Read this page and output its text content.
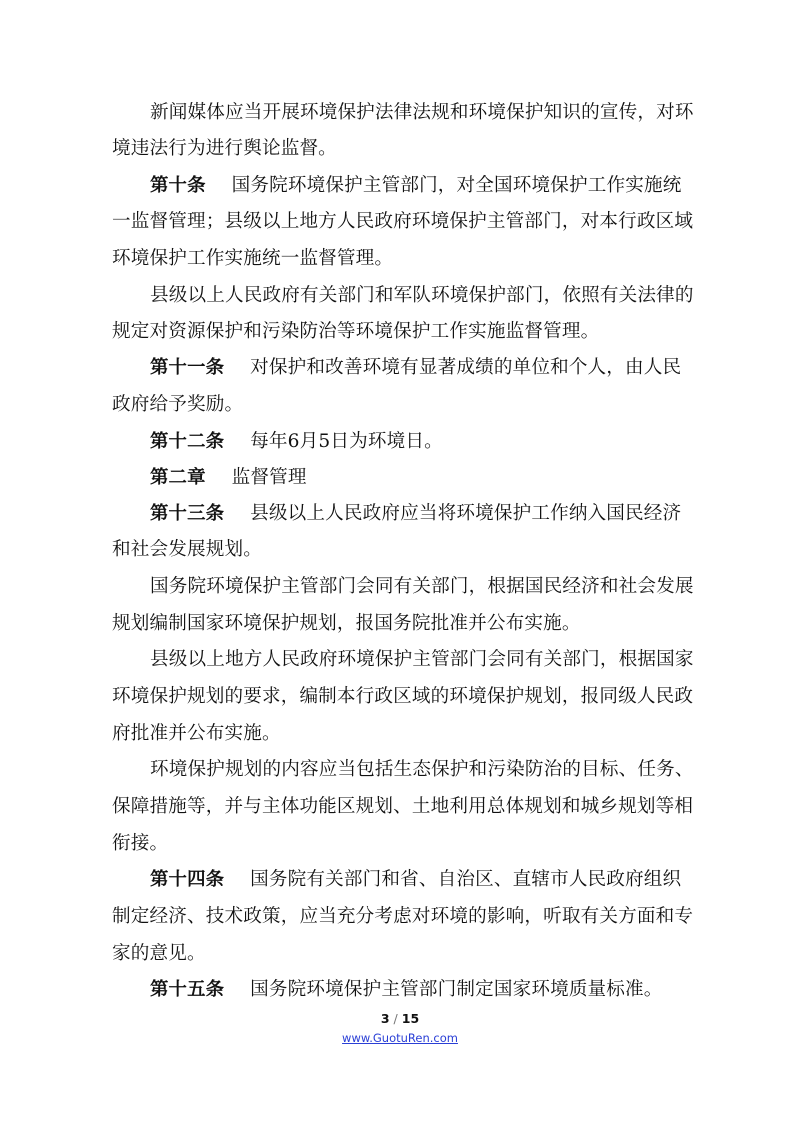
新闻媒体应当开展环境保护法律法规和环境保护知识的宣传，对环
境违法行为进行舆论监督。
第十条 国务院环境保护主管部门，对全国环境保护工作实施统
一监督管理；县级以上地方人民政府环境保护主管部门，对本行政区域
环境保护工作实施统一监督管理。
县级以上人民政府有关部门和军队环境保护部门，依照有关法律的
规定对资源保护和污染防治等环境保护工作实施监督管理。
第十一条 对保护和改善环境有显著成绩的单位和个人，由人民
政府给予奖励。
第十二条 每年6月5日为环境日。
第二章 监督管理
第十三条 县级以上人民政府应当将环境保护工作纳入国民经济
和社会发展规划。
国务院环境保护主管部门会同有关部门，根据国民经济和社会发展
规划编制国家环境保护规划，报国务院批准并公布实施。
县级以上地方人民政府环境保护主管部门会同有关部门，根据国家
环境保护规划的要求，编制本行政区域的环境保护规划，报同级人民政
府批准并公布实施。
环境保护规划的内容应当包括生态保护和污染防治的目标、任务、
保障措施等，并与主体功能区规划、土地利用总体规划和城乡规划等相
衔接。
第十四条 国务院有关部门和省、自治区、直辖市人民政府组织
制定经济、技术政策，应当充分考虑对环境的影响，听取有关方面和专
家的意见。
第十五条 国务院环境保护主管部门制定国家环境质量标准。
3 / 15
www.GuotuRen.com
